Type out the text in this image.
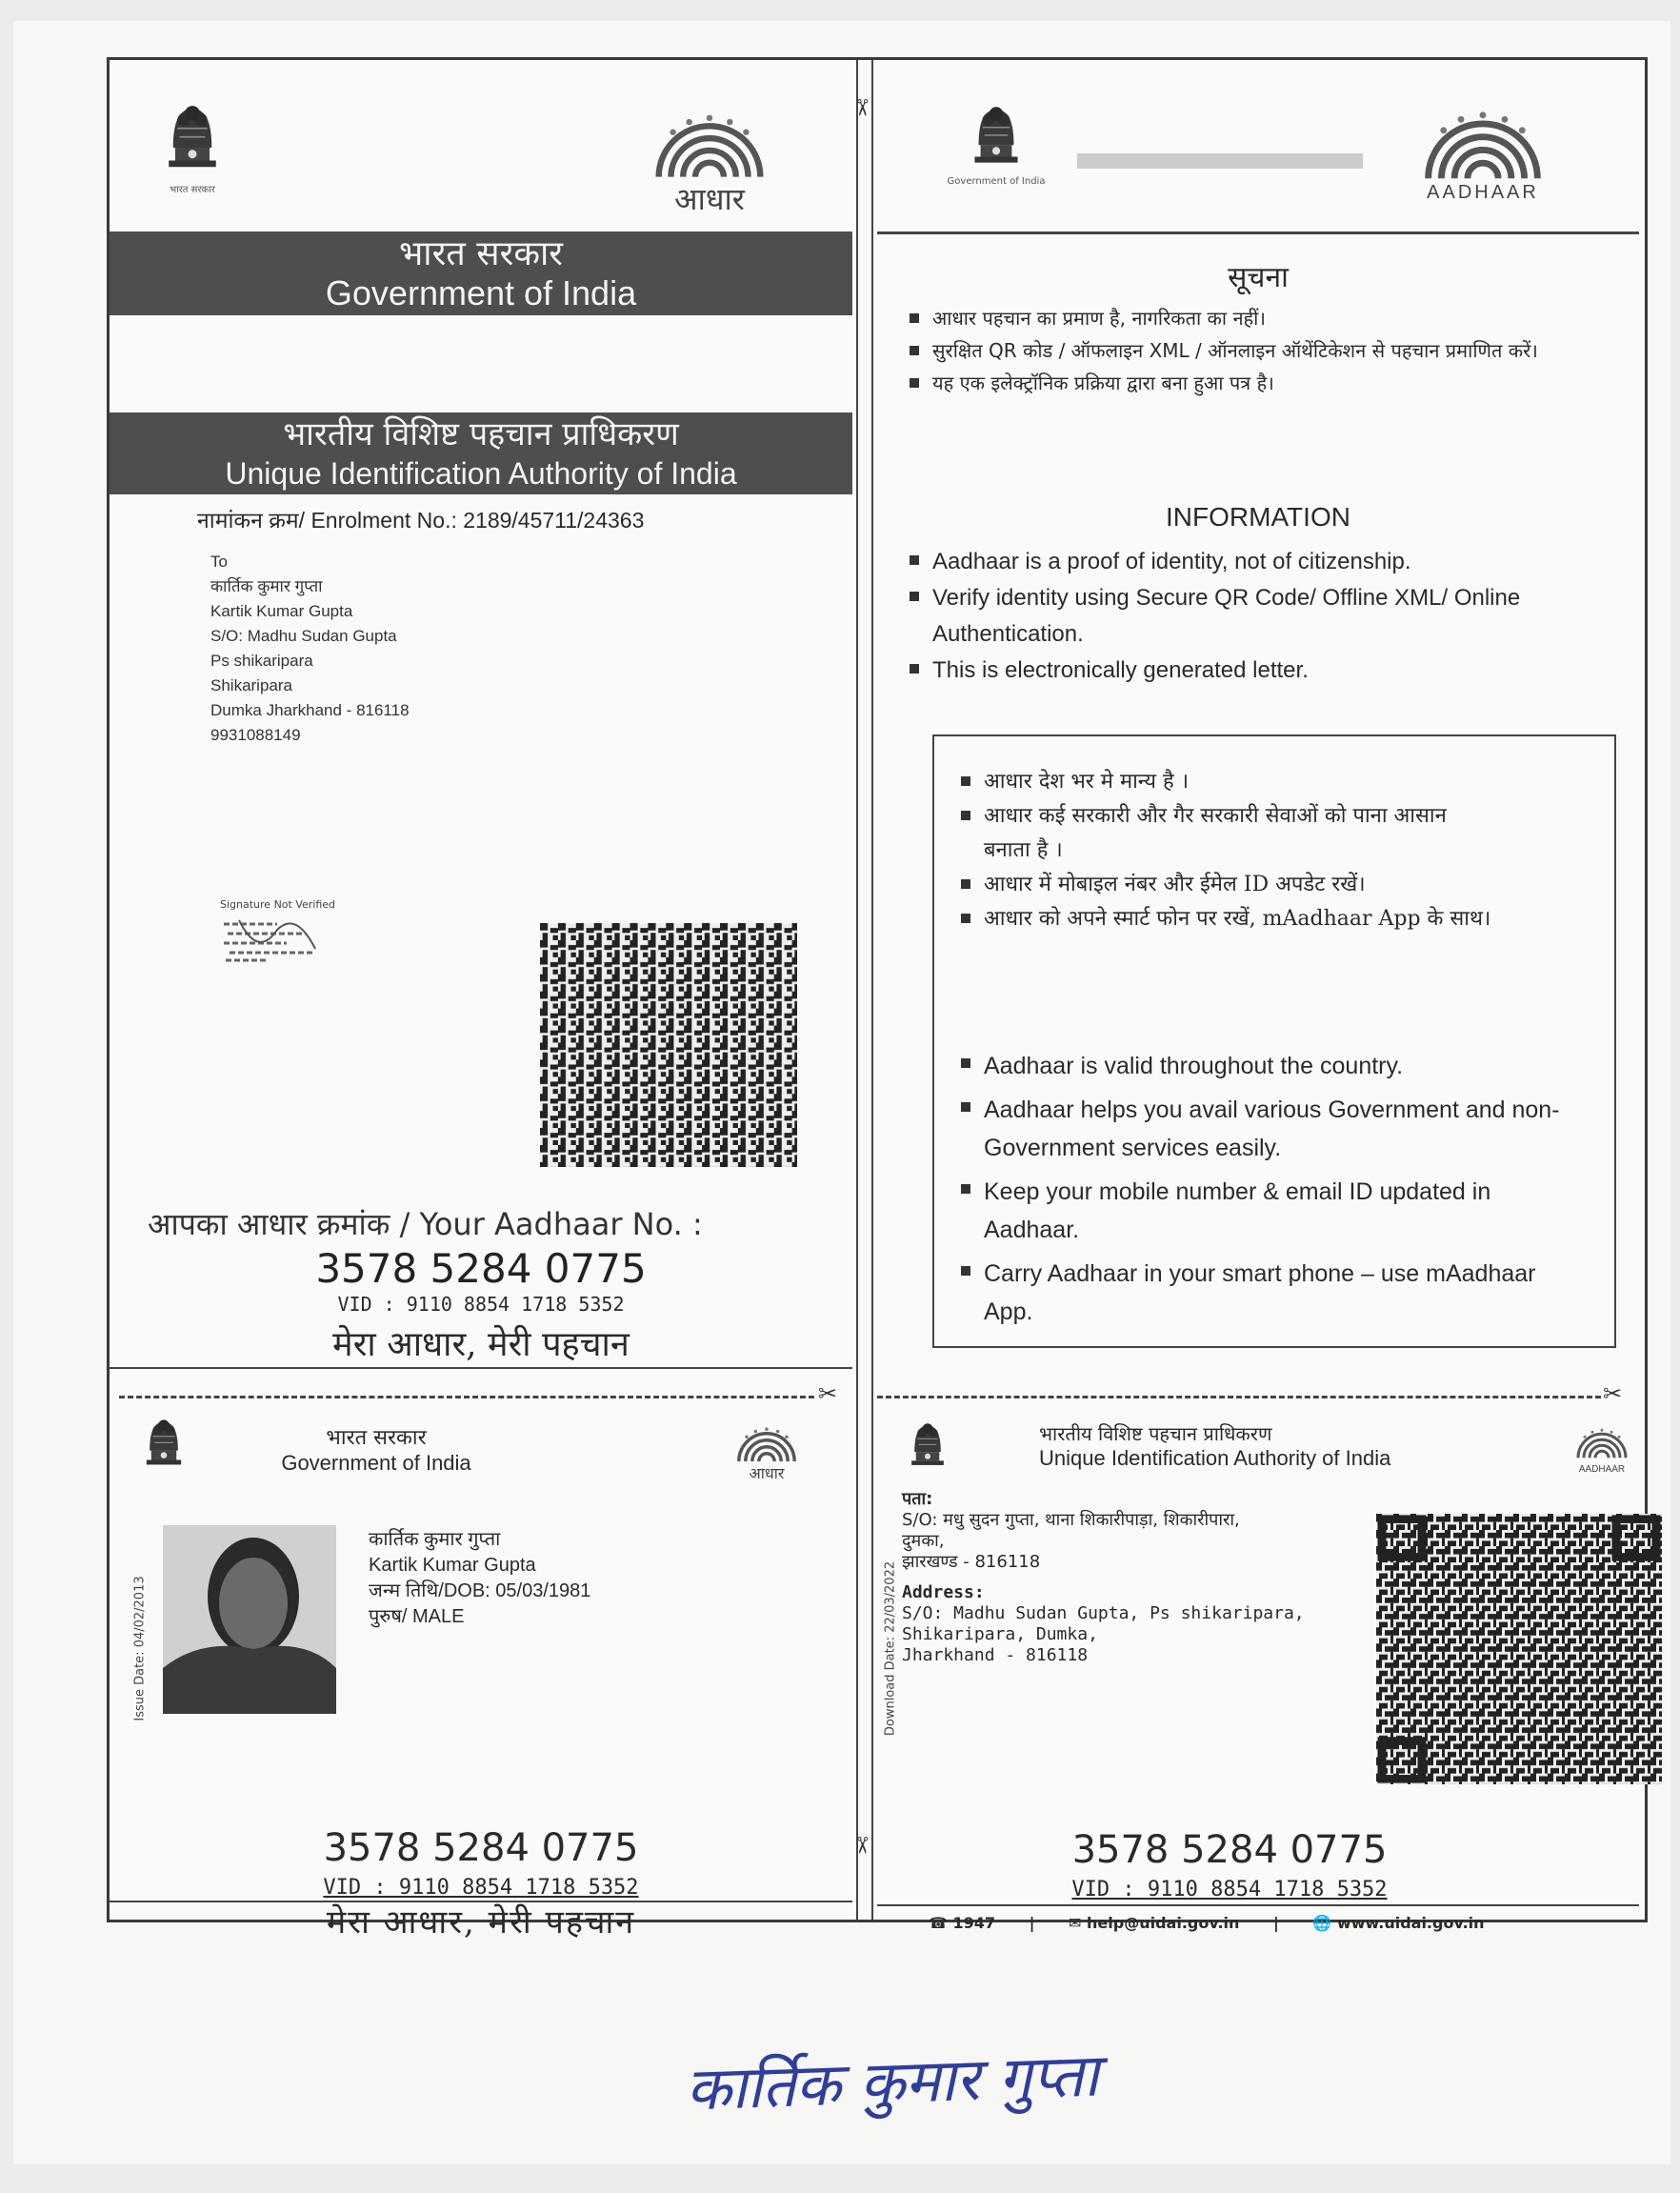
भारत सरकार	आधार
भारत सरकार
Government of India
भारतीय विशिष्ट पहचान प्राधिकरण
Unique Identification Authority of India
नामांकन क्रम/ Enrolment No.: 2189/45711/24363
To
कार्तिक कुमार गुप्ता
Kartik Kumar Gupta
S/O: Madhu Sudan Gupta
Ps shikaripara
Shikaripara
Dumka Jharkhand - 816118
9931088149
Signature Not Verified
आपका आधार क्रमांक / Your Aadhaar No. :
3578 5284 0775
VID : 9110 8854 1718 5352
मेरा आधार, मेरी पहचान
✂
भारत सरकार
Government of India	आधार
Issue Date: 04/02/2013
कार्तिक कुमार गुप्ता
Kartik Kumar Gupta
जन्म तिथि/DOB: 05/03/1981
पुरुष/ MALE
3578 5284 0775
VID : 9110 8854 1718 5352
मेरा आधार, मेरी पहचान
✂
✂
Government of India
AADHAAR
सूचना
आधार पहचान का प्रमाण है, नागरिकता का नहीं।
सुरक्षित QR कोड / ऑफलाइन XML / ऑनलाइन ऑथेंटिकेशन से पहचान प्रमाणित करें।
यह एक इलेक्ट्रॉनिक प्रक्रिया द्वारा बना हुआ पत्र है।
INFORMATION
Aadhaar is a proof of identity, not of citizenship.
Verify identity using Secure QR Code/ Offline XML/ Online Authentication.
This is electronically generated letter.
आधार देश भर मे मान्य है ।
आधार कई सरकारी और गैर सरकारी सेवाओं को पाना आसान बनाता है ।
आधार में मोबाइल नंबर और ईमेल ID अपडेट रखें।
आधार को अपने स्मार्ट फोन पर रखें, mAadhaar App के साथ।
Aadhaar is valid throughout the country.
Aadhaar helps you avail various Government and non-Government services easily.
Keep your mobile number & email ID updated in Aadhaar.
Carry Aadhaar in your smart phone – use mAadhaar App.
✂
भारतीय विशिष्ट पहचान प्राधिकरण
Unique Identification Authority of India	AADHAAR
Download Date: 22/03/2022
पता:
S/O: मधु सुदन गुप्ता, थाना शिकारीपाड़ा, शिकारीपारा,
दुमका,
झारखण्ड - 816118
Address:
S/O: Madhu Sudan Gupta, Ps shikaripara,
Shikaripara, Dumka,
Jharkhand - 816118
3578 5284 0775
VID : 9110 8854 1718 5352
☎ 1947 | ✉ help@uidai.gov.in | 🌐 www.uidai.gov.in
कार्तिक कुमार गुप्ता
